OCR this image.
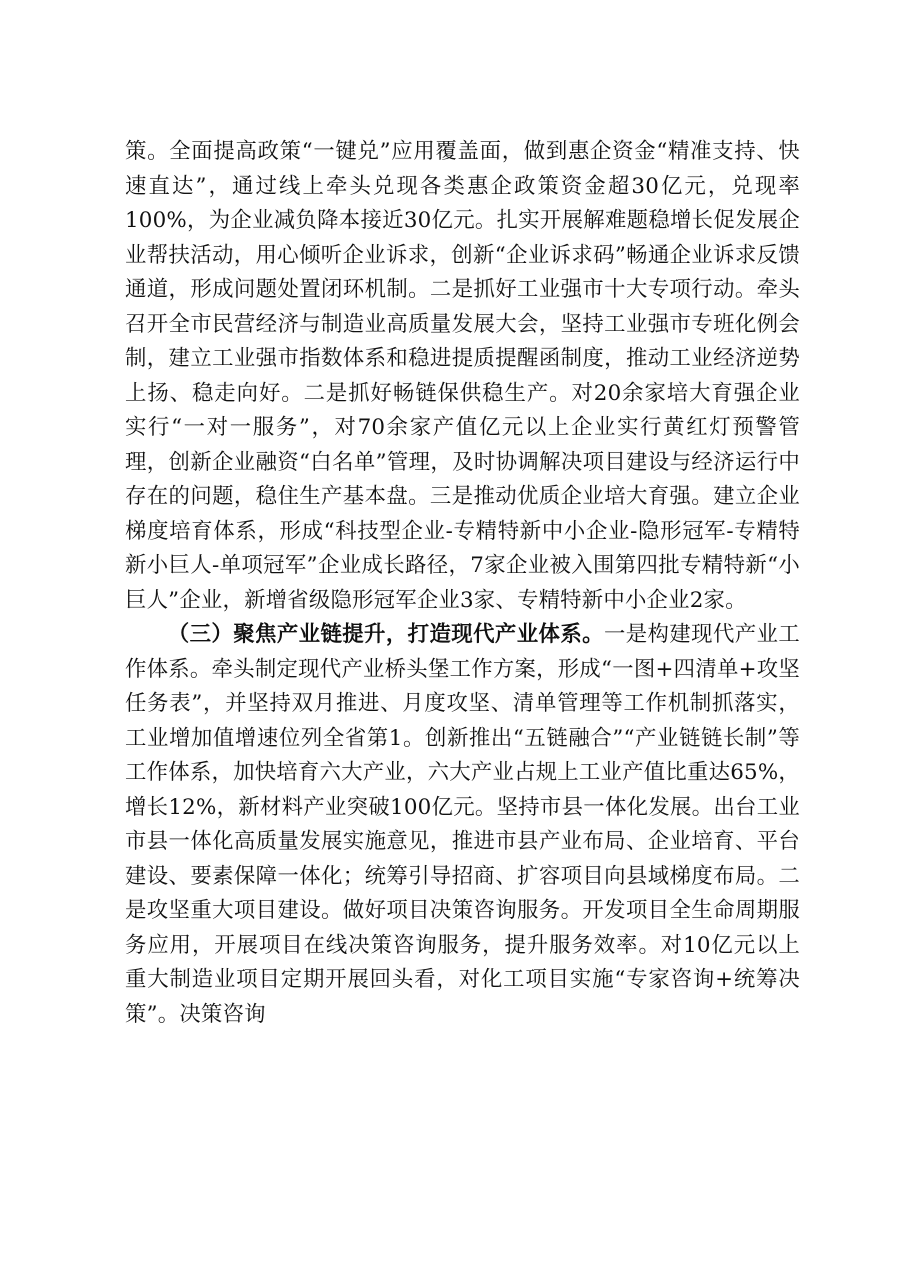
策。全面提高政策“一键兑”应用覆盖面，做到惠企资金“精准支持、快速直达”，通过线上牵头兑现各类惠企政策资金超30亿元，兑现率100%，为企业减负降本接近30亿元。扎实开展解难题稳增长促发展企业帮扶活动，用心倾听企业诉求，创新“企业诉求码”畅通企业诉求反馈通道，形成问题处置闭环机制。二是抓好工业强市十大专项行动。牵头召开全市民营经济与制造业高质量发展大会，坚持工业强市专班化例会制，建立工业强市指数体系和稳进提质提醒函制度，推动工业经济逆势上扬、稳走向好。二是抓好畅链保供稳生产。对20余家培大育强企业实行“一对一服务”，对70余家产值亿元以上企业实行黄红灯预警管理，创新企业融资“白名单”管理，及时协调解决项目建设与经济运行中存在的问题，稳住生产基本盘。三是推动优质企业培大育强。建立企业梯度培育体系，形成“科技型企业-专精特新中小企业-隐形冠军-专精特新小巨人-单项冠军”企业成长路径，7家企业被入围第四批专精特新“小巨人”企业，新增省级隐形冠军企业3家、专精特新中小企业2家。

（三）聚焦产业链提升，打造现代产业体系。一是构建现代产业工作体系。牵头制定现代产业桥头堡工作方案，形成“一图+四清单+攻坚任务表”，并坚持双月推进、月度攻坚、清单管理等工作机制抓落实，工业增加值增速位列全省第1。创新推出“五链融合”“产业链链长制”等工作体系，加快培育六大产业，六大产业占规上工业产值比重达65%，增长12%，新材料产业突破100亿元。坚持市县一体化发展。出台工业市县一体化高质量发展实施意见，推进市县产业布局、企业培育、平台建设、要素保障一体化；统筹引导招商、扩容项目向县域梯度布局。二是攻坚重大项目建设。做好项目决策咨询服务。开发项目全生命周期服务应用，开展项目在线决策咨询服务，提升服务效率。对10亿元以上重大制造业项目定期开展回头看，对化工项目实施“专家咨询+统筹决策”。决策咨询
